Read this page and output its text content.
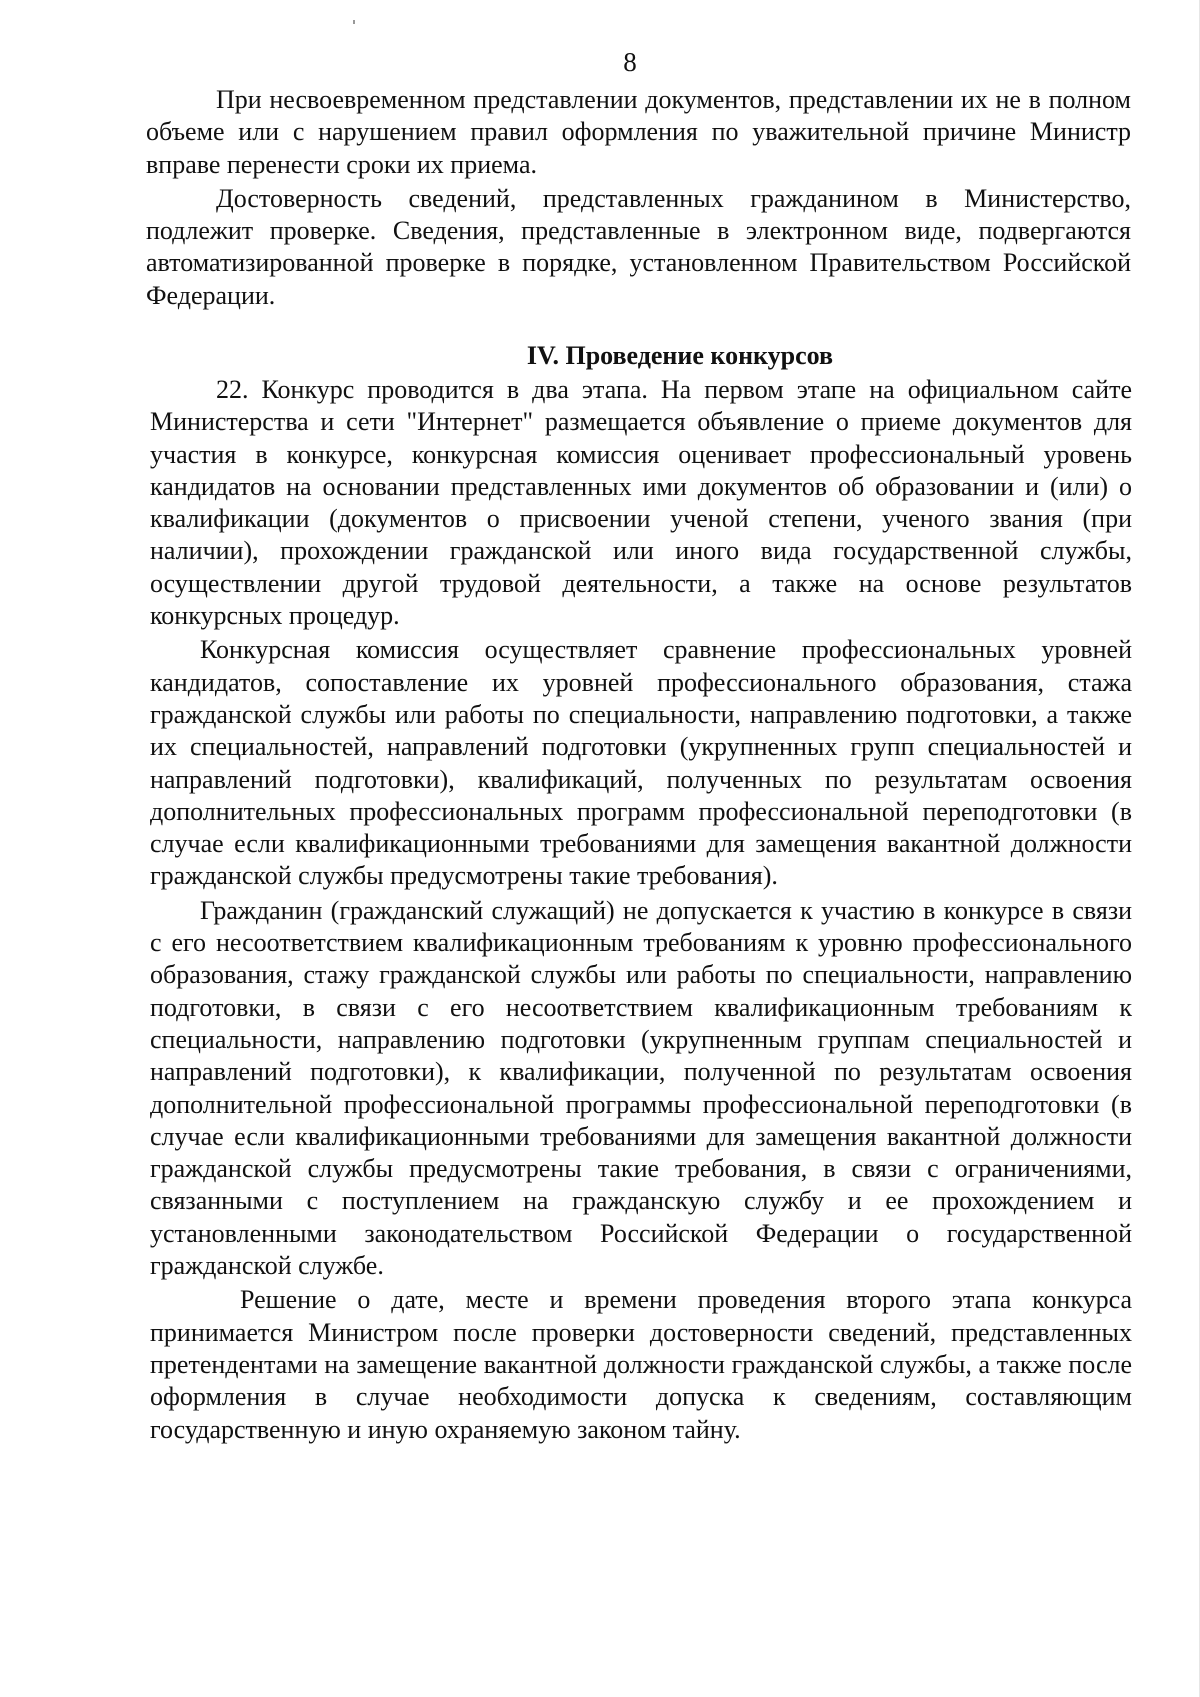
8

При несвоевременном представлении документов, представлении их не в полном объеме или с нарушением правил оформления по уважительной причине Министр вправе перенести сроки их приема.

Достоверность сведений, представленных гражданином в Министерство, подлежит проверке. Сведения, представленные в электронном виде, подвергаются автоматизированной проверке в порядке, установленном Правительством Российской Федерации.

IV. Проведение конкурсов

22. Конкурс проводится в два этапа. На первом этапе на официальном сайте Министерства и сети "Интернет" размещается объявление о приеме документов для участия в конкурсе, конкурсная комиссия оценивает профессиональный уровень кандидатов на основании представленных ими документов об образовании и (или) о квалификации (документов о присвоении ученой степени, ученого звания (при наличии), прохождении гражданской или иного вида государственной службы, осуществлении другой трудовой деятельности, а также на основе результатов конкурсных процедур.

Конкурсная комиссия осуществляет сравнение профессиональных уровней кандидатов, сопоставление их уровней профессионального образования, стажа гражданской службы или работы по специальности, направлению подготовки, а также их специальностей, направлений подготовки (укрупненных групп специальностей и направлений подготовки), квалификаций, полученных по результатам освоения дополнительных профессиональных программ профессиональной переподготовки (в случае если квалификационными требованиями для замещения вакантной должности гражданской службы предусмотрены такие требования).

Гражданин (гражданский служащий) не допускается к участию в конкурсе в связи с его несоответствием квалификационным требованиям к уровню профессионального образования, стажу гражданской службы или работы по специальности, направлению подготовки, в связи с его несоответствием квалификационным требованиям к специальности, направлению подготовки (укрупненным группам специальностей и направлений подготовки), к квалификации, полученной по результатам освоения дополнительной профессиональной программы профессиональной переподготовки (в случае если квалификационными требованиями для замещения вакантной должности гражданской службы предусмотрены такие требования, в связи с ограничениями, связанными с поступлением на гражданскую службу и ее прохождением и установленными законодательством Российской Федерации о государственной гражданской службе.

Решение о дате, месте и времени проведения второго этапа конкурса принимается Министром после проверки достоверности сведений, представленных претендентами на замещение вакантной должности гражданской службы, а также после оформления в случае необходимости допуска к сведениям, составляющим государственную и иную охраняемую законом тайну.
